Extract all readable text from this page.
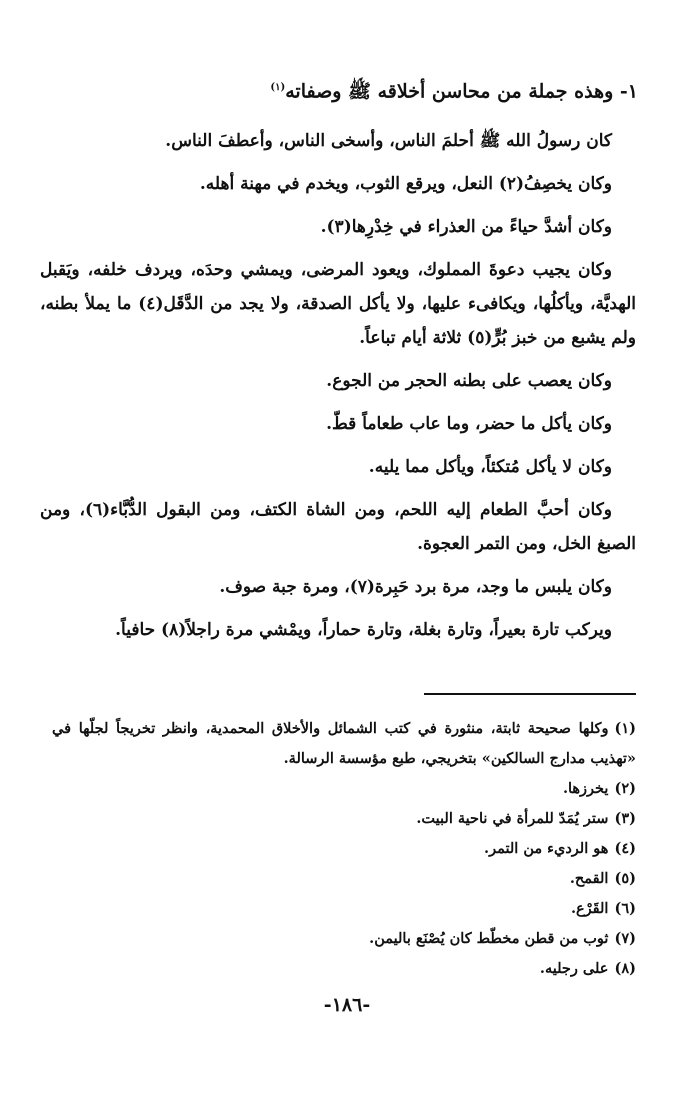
١- وهذه جملة من محاسن أخلاقه ﷺ وصفاته$^{(١)}$

كان رسولُ الله ﷺ أحلمَ الناس، وأسخى الناس، وأعطفَ الناس.

وكان يخصِفُ(٢) النعل، ويرقع الثوب، ويخدم في مهنة أهله.

وكان أشدَّ حياءً من العذراء في خِدْرِها(٣).

وكان يجيب دعوةَ المملوك، ويعود المرضى، ويمشي وحدَه، ويردف خلفه، ويَقبل الهديَّة، ويأكلُها، ويكافىء عليها، ولا يأكل الصدقة، ولا يجد من الدَّقَل(٤) ما يملأ بطنه، ولم يشبع من خبز بُرٍّ(٥) ثلاثة أيام تباعاً.

وكان يعصب على بطنه الحجر من الجوع.

وكان يأكل ما حضر، وما عاب طعاماً قطّ.

وكان لا يأكل مُتكئاً، ويأكل مما يليه.

وكان أحبَّ الطعام إليه اللحم، ومن الشاة الكتف، ومن البقول الدُّبَّاء(٦)، ومن الصبغ الخل، ومن التمر العجوة.

وكان يلبس ما وجد، مرة برد حَبِرة(٧)، ومرة جبة صوف.

ويركب تارة بعيراً، وتارة بغلة، وتارة حماراً، ويمْشي مرة راجلاً(٨) حافياً.

(١)وكلها صحيحة ثابتة، منثورة في كتب الشمائل والأخلاق المحمدية، وانظر تخريجاً لجلّها في «تهذيب مدارج السالكين» بتخريجي، طبع مؤسسة الرسالة.

(٢)يخرزها.

(٣)ستر يُمَدّ للمرأة في ناحية البيت.

(٤)هو الرديء من التمر.

(٥)القمح.

(٦)القَرْع.

(٧)ثوب من قطن مخطّط كان يُصْنَع باليمن.

(٨)على رجليه.

-١٨٦-
